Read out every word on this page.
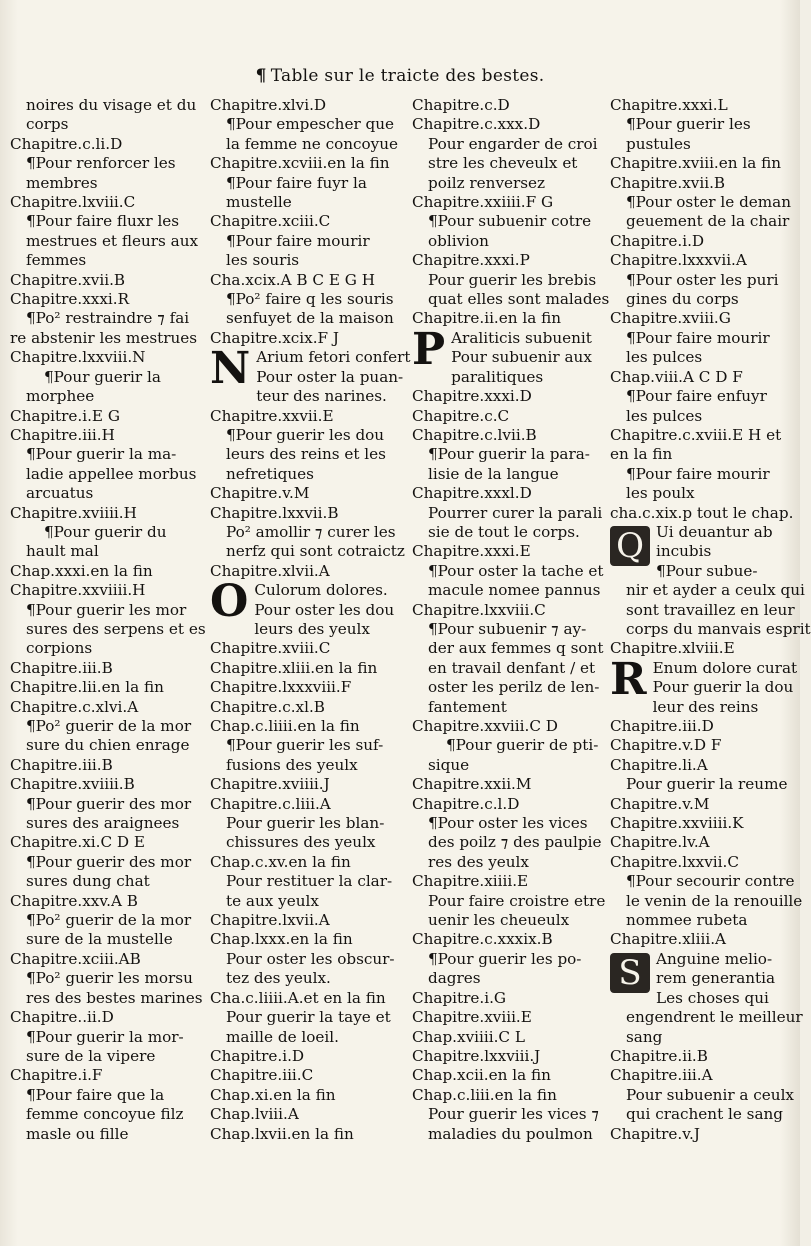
¶ Table sur le traicte des bestes.
noires du visage et du
corps
Chapitre.c.li.D
¶Pour renforcer les
membres
Chapitre.lxviii.C
¶Pour faire fluxr les
mestrues et fleurs aux
femmes
Chapitre.xvii.B
Chapitre.xxxi.R
¶Po² restraindre ⁊ fai
re abstenir les mestrues
Chapitre.lxxviii.N
¶Pour guerir la
morphee
Chapitre.i.E G
Chapitre.iii.H
¶Pour guerir la ma-
ladie appellee morbus
arcuatus
Chapitre.xviiii.H
¶Pour guerir du
hault mal
Chap.xxxi.en la fin
Chapitre.xxviiii.H
¶Pour guerir les mor
sures des serpens et es
corpions
Chapitre.iii.B
Chapitre.lii.en la fin
Chapitre.c.xlvi.A
¶Po² guerir de la mor
sure du chien enrage
Chapitre.iii.B
Chapitre.xviiii.B
¶Pour guerir des mor
sures des araignees
Chapitre.xi.C D E
¶Pour guerir des mor
sures dung chat
Chapitre.xxv.A B
¶Po² guerir de la mor
sure de la mustelle
Chapitre.xciii.AB
¶Po² guerir les morsu
res des bestes marines
Chapitre..ii.D
¶Pour guerir la mor-
sure de la vipere
Chapitre.i.F
¶Pour faire que la
femme concoyue filz
masle ou fille
Chapitre.xlvi.D
¶Pour empescher que
la femme ne concoyue
Chapitre.xcviii.en la fin
¶Pour faire fuyr la
mustelle
Chapitre.xciii.C
¶Pour faire mourir
les souris
Cha.xcix.A B C E G H
¶Po² faire q les souris
senfuyet de la maison
Chapitre.xcix.F J
N Arium fetori confert
Pour oster la puan-
teur des narines.
Chapitre.xxvii.E
¶Pour guerir les dou
leurs des reins et les
nefretiques
Chapitre.v.M
Chapitre.lxxvii.B
Po² amollir ⁊ curer les
nerfz qui sont cotraictz
Chapitre.xlvii.A
O Culorum dolores.
Pour oster les dou
leurs des yeulx
Chapitre.xviii.C
Chapitre.xliii.en la fin
Chapitre.lxxxviii.F
Chapitre.c.xl.B
Chap.c.liiii.en la fin
¶Pour guerir les suf-
fusions des yeulx
Chapitre.xviiii.J
Chapitre.c.liii.A
Pour guerir les blan-
chissures des yeulx
Chap.c.xv.en la fin
Pour restituer la clar-
te aux yeulx
Chapitre.lxvii.A
Chap.lxxx.en la fin
Pour oster les obscur-
tez des yeulx.
Cha.c.liiii.A.et en la fin
Pour guerir la taye et
maille de loeil.
Chapitre.i.D
Chapitre.iii.C
Chap.xi.en la fin
Chap.lviii.A
Chap.lxvii.en la fin
Chapitre.c.D
Chapitre.c.xxx.D
Pour engarder de croi
stre les cheveulx et
poilz renversez
Chapitre.xxiiii.F G
¶Pour subuenir cotre
oblivion
Chapitre.xxxi.P
Pour guerir les brebis
quat elles sont malades
Chapitre.ii.en la fin
P Araliticis subuenit
Pour subuenir aux
paralitiques
Chapitre.xxxi.D
Chapitre.c.C
Chapitre.c.lvii.B
¶Pour guerir la para-
lisie de la langue
Chapitre.xxxl.D
Pourrer curer la parali
sie de tout le corps.
Chapitre.xxxi.E
¶Pour oster la tache et
macule nomee pannus
Chapitre.lxxviii.C
¶Pour subuenir ⁊ ay-
der aux femmes q sont
en travail denfant / et
oster les perilz de len-
fantement
Chapitre.xxviii.C D
¶Pour guerir de pti-
sique
Chapitre.xxii.M
Chapitre.c.l.D
¶Pour oster les vices
des poilz ⁊ des paulpie
res des yeulx
Chapitre.xiiii.E
Pour faire croistre etre
uenir les cheueulx
Chapitre.c.xxxix.B
¶Pour guerir les po-
dagres
Chapitre.i.G
Chapitre.xviii.E
Chap.xviiii.C L
Chapitre.lxxviii.J
Chap.xcii.en la fin
Chap.c.liii.en la fin
Pour guerir les vices ⁊
maladies du poulmon
Chapitre.xxxi.L
¶Pour guerir les
pustules
Chapitre.xviii.en la fin
Chapitre.xvii.B
¶Pour oster le deman
geuement de la chair
Chapitre.i.D
Chapitre.lxxxvii.A
¶Pour oster les puri
gines du corps
Chapitre.xviii.G
¶Pour faire mourir
les pulces
Chap.viii.A C D F
¶Pour faire enfuyr
les pulces
Chapitre.c.xviii.E H et
en la fin
¶Pour faire mourir
les poulx
cha.c.xix.p tout le chap.
Q Ui deuantur ab
incubis
¶Pour subue-
nir et ayder a ceulx qui
sont travaillez en leur
corps du manvais esprit
Chapitre.xlviii.E
R Enum dolore curat
Pour guerir la dou
leur des reins
Chapitre.iii.D
Chapitre.v.D F
Chapitre.li.A
Pour guerir la reume
Chapitre.v.M
Chapitre.xxviiii.K
Chapitre.lv.A
Chapitre.lxxvii.C
¶Pour secourir contre
le venin de la renouille
nommee rubeta
Chapitre.xliii.A
S Anguine melio-
rem generantia
Les choses qui
engendrent le meilleur
sang
Chapitre.ii.B
Chapitre.iii.A
Pour subuenir a ceulx
qui crachent le sang
Chapitre.v.J
